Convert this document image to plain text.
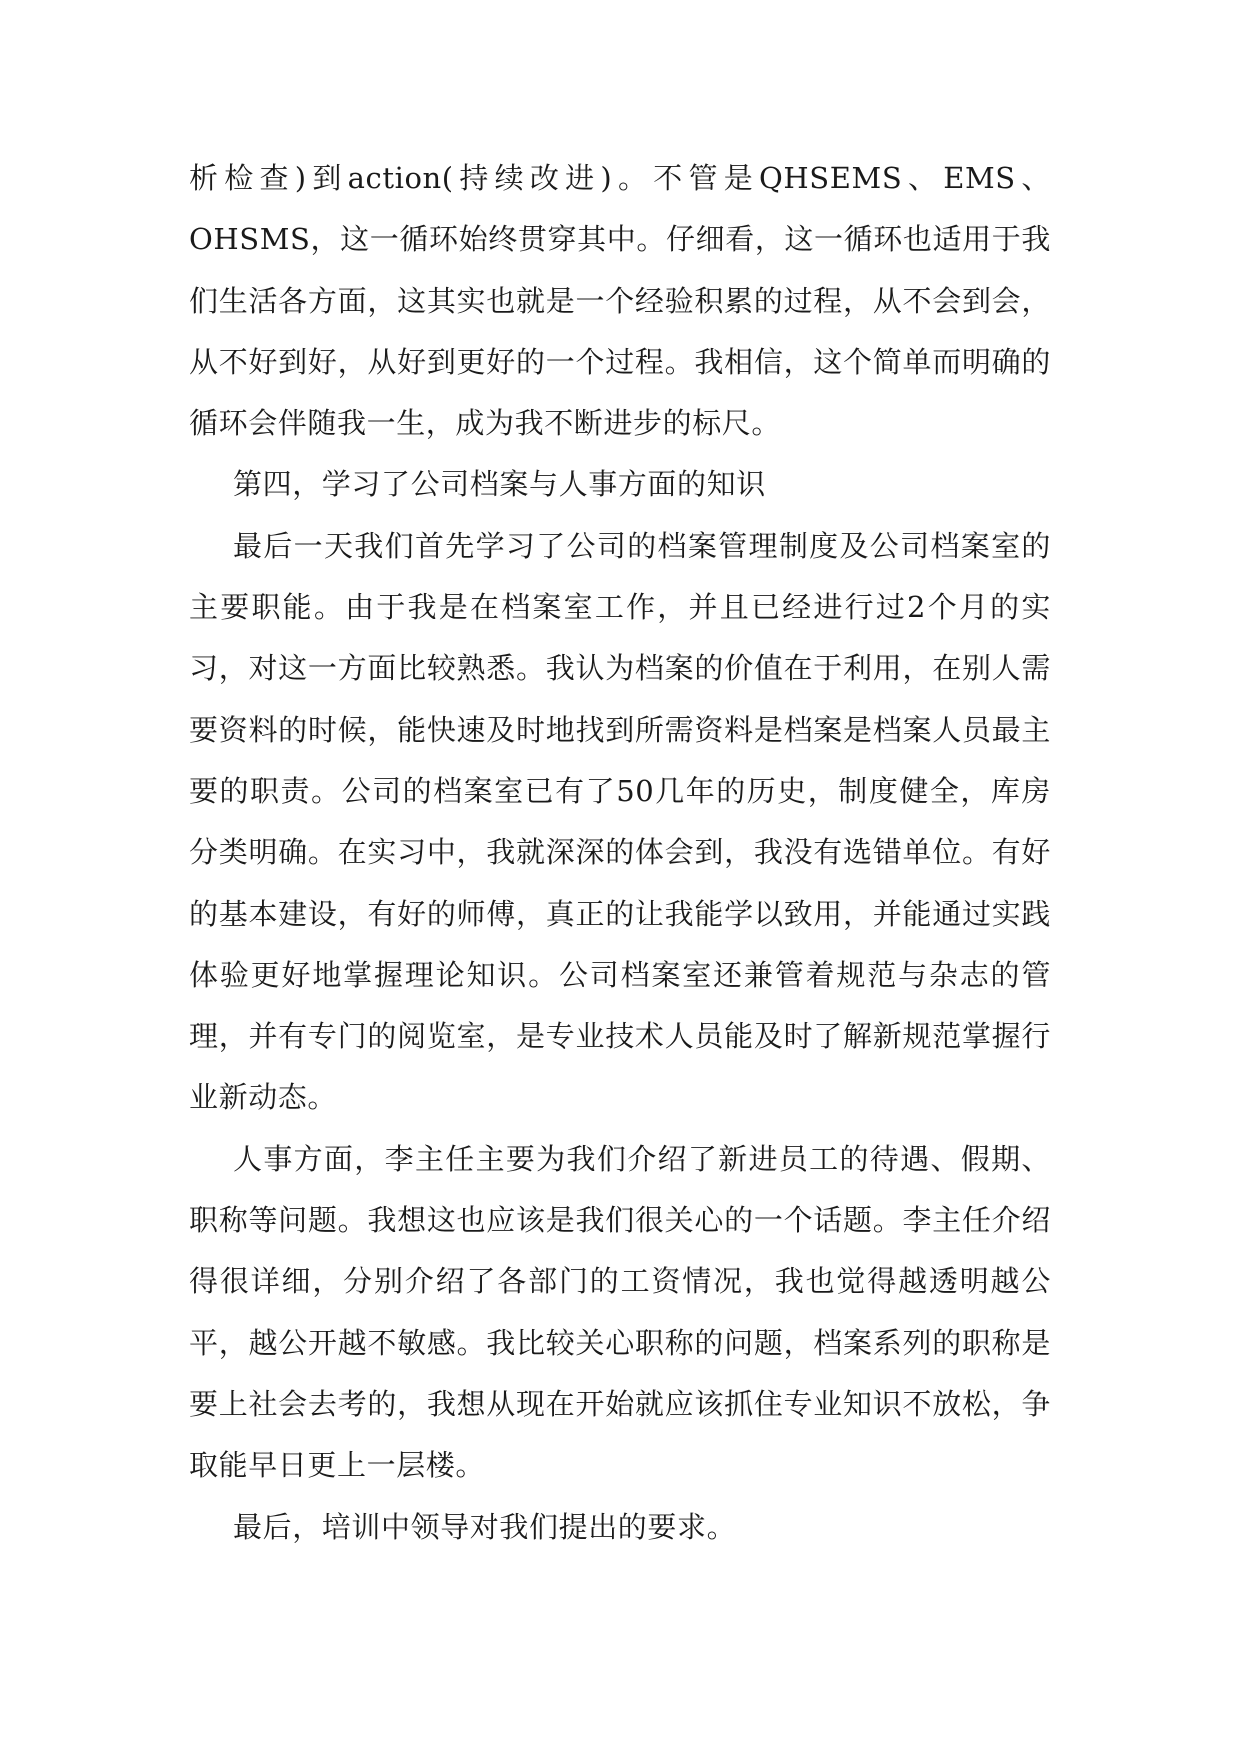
析检查)到action(持续改进)。不管是QHSEMS、EMS、OHSMS，这一循环始终贯穿其中。仔细看，这一循环也适用于我们生活各方面，这其实也就是一个经验积累的过程，从不会到会，从不好到好，从好到更好的一个过程。我相信，这个简单而明确的循环会伴随我一生，成为我不断进步的标尺。

第四，学习了公司档案与人事方面的知识

最后一天我们首先学习了公司的档案管理制度及公司档案室的主要职能。由于我是在档案室工作，并且已经进行过2个月的实习，对这一方面比较熟悉。我认为档案的价值在于利用，在别人需要资料的时候，能快速及时地找到所需资料是档案是档案人员最主要的职责。公司的档案室已有了50几年的历史，制度健全，库房分类明确。在实习中，我就深深的体会到，我没有选错单位。有好的基本建设，有好的师傅，真正的让我能学以致用，并能通过实践体验更好地掌握理论知识。公司档案室还兼管着规范与杂志的管理，并有专门的阅览室，是专业技术人员能及时了解新规范掌握行业新动态。

人事方面，李主任主要为我们介绍了新进员工的待遇、假期、职称等问题。我想这也应该是我们很关心的一个话题。李主任介绍得很详细，分别介绍了各部门的工资情况，我也觉得越透明越公平，越公开越不敏感。我比较关心职称的问题，档案系列的职称是要上社会去考的，我想从现在开始就应该抓住专业知识不放松，争取能早日更上一层楼。

最后，培训中领导对我们提出的要求。
